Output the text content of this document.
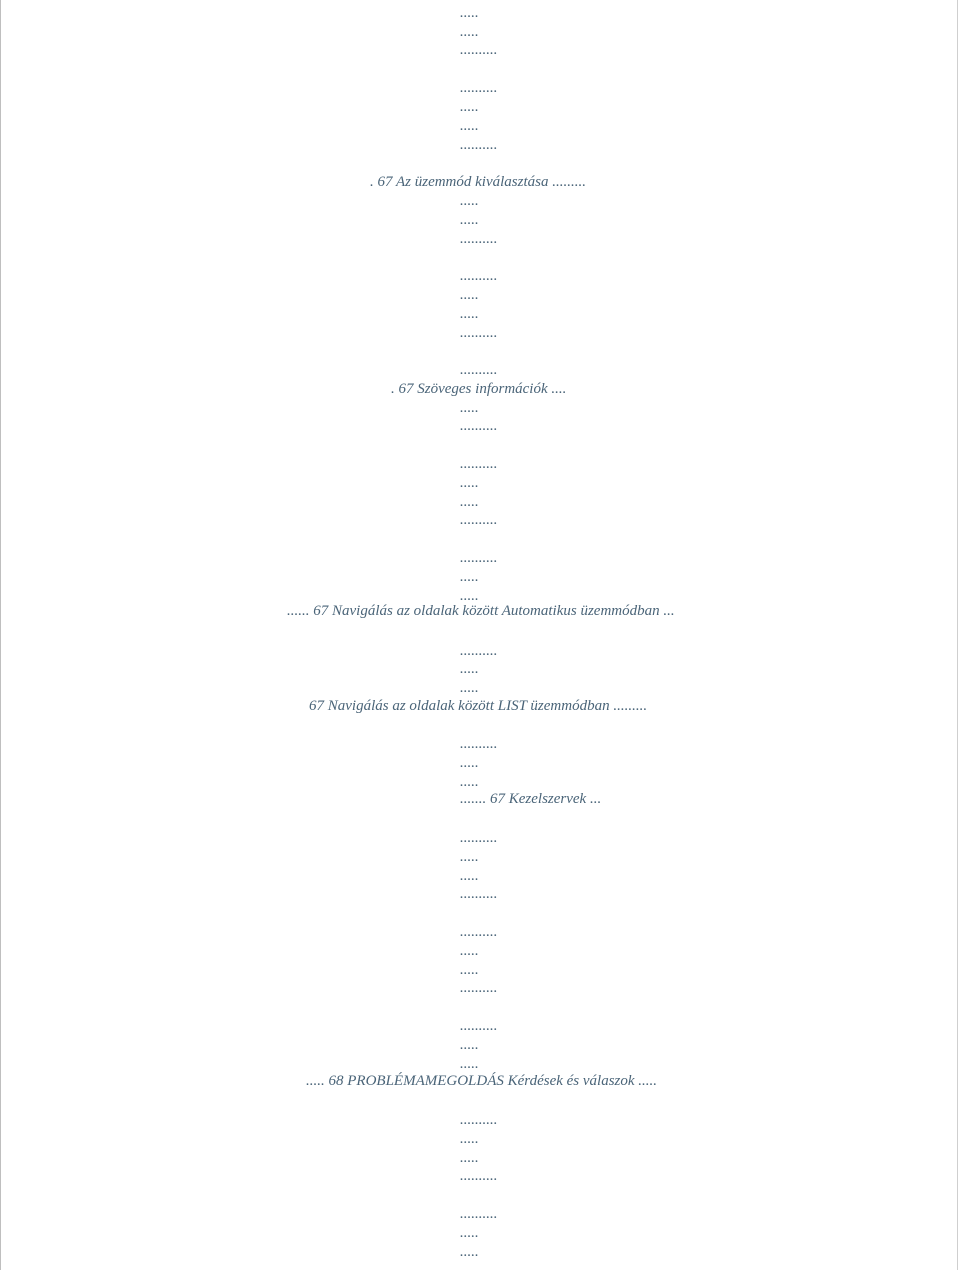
.....
.....
..........
..........
.....
.....
..........
. 67 Az üzemmód kiválasztása .........
.....
.....
..........
..........
.....
.....
..........
..........
. 67 Szöveges információk ....
.....
..........
..........
.....
.....
..........
..........
.....
.....
...... 67 Navigálás az oldalak között Automatikus üzemmódban ...
..........
.....
.....
67 Navigálás az oldalak között LIST üzemmódban .........
..........
.....
.....
....... 67 Kezelszervek ...
..........
.....
.....
..........
..........
.....
.....
..........
..........
.....
.....
..... 68 PROBLÉMAMEGOLDÁS Kérdések és válaszok .....
..........
.....
.....
..........
..........
.....
.....
